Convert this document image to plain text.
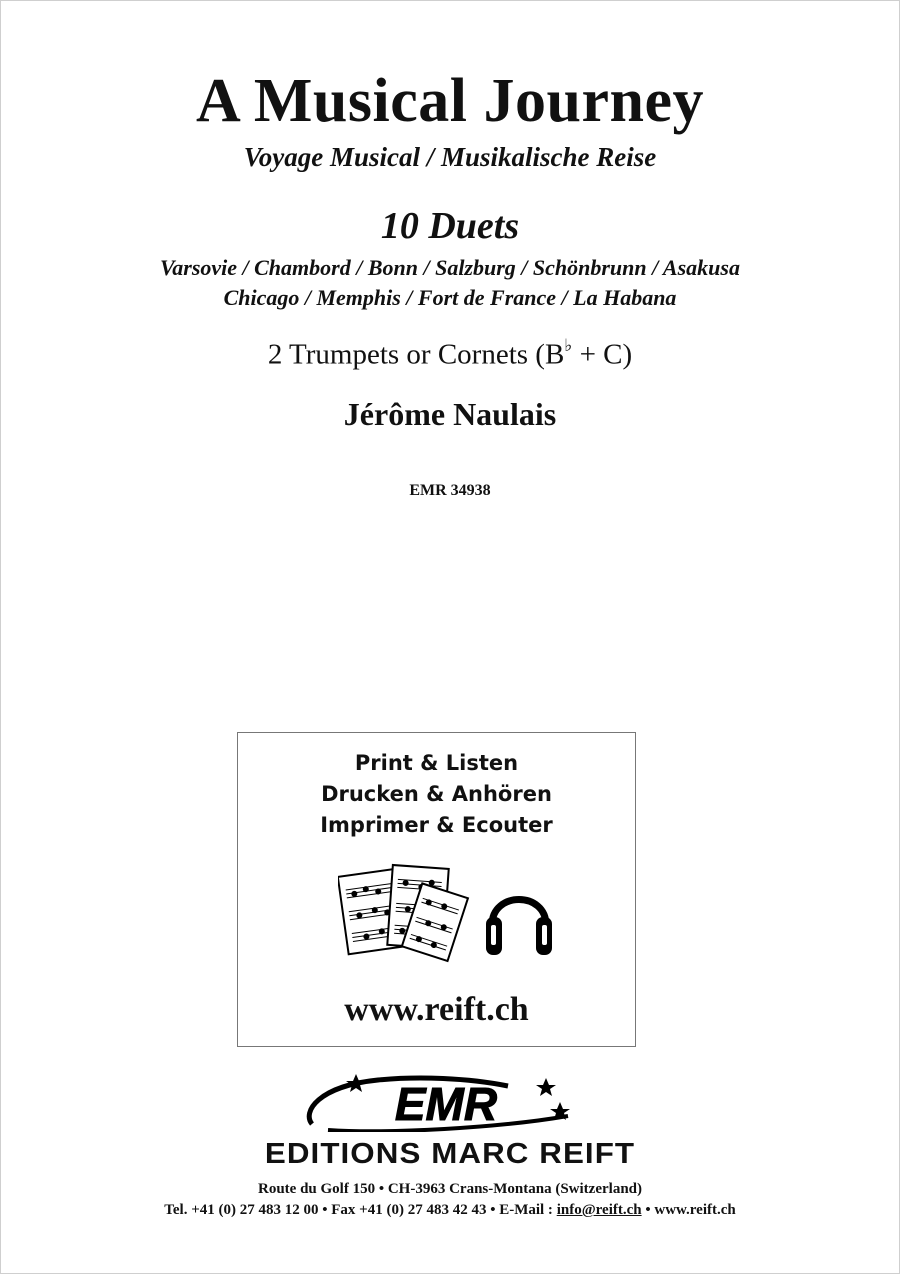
A Musical Journey
Voyage Musical / Musikalische Reise
10 Duets
Varsovie / Chambord / Bonn / Salzburg / Schönbrunn / Asakusa
Chicago / Memphis / Fort de France / La Habana
2 Trumpets or Cornets (B♭ + C)
Jérôme Naulais
EMR 34938
Print & Listen
Drucken & Anhören
Imprimer & Ecouter
www.reift.ch
EMR
EDITIONS MARC REIFT
Route du Golf 150 • CH-3963 Crans-Montana (Switzerland)
Tel. +41 (0) 27 483 12 00 • Fax +41 (0) 27 483 42 43 • E-Mail : info@reift.ch • www.reift.ch
